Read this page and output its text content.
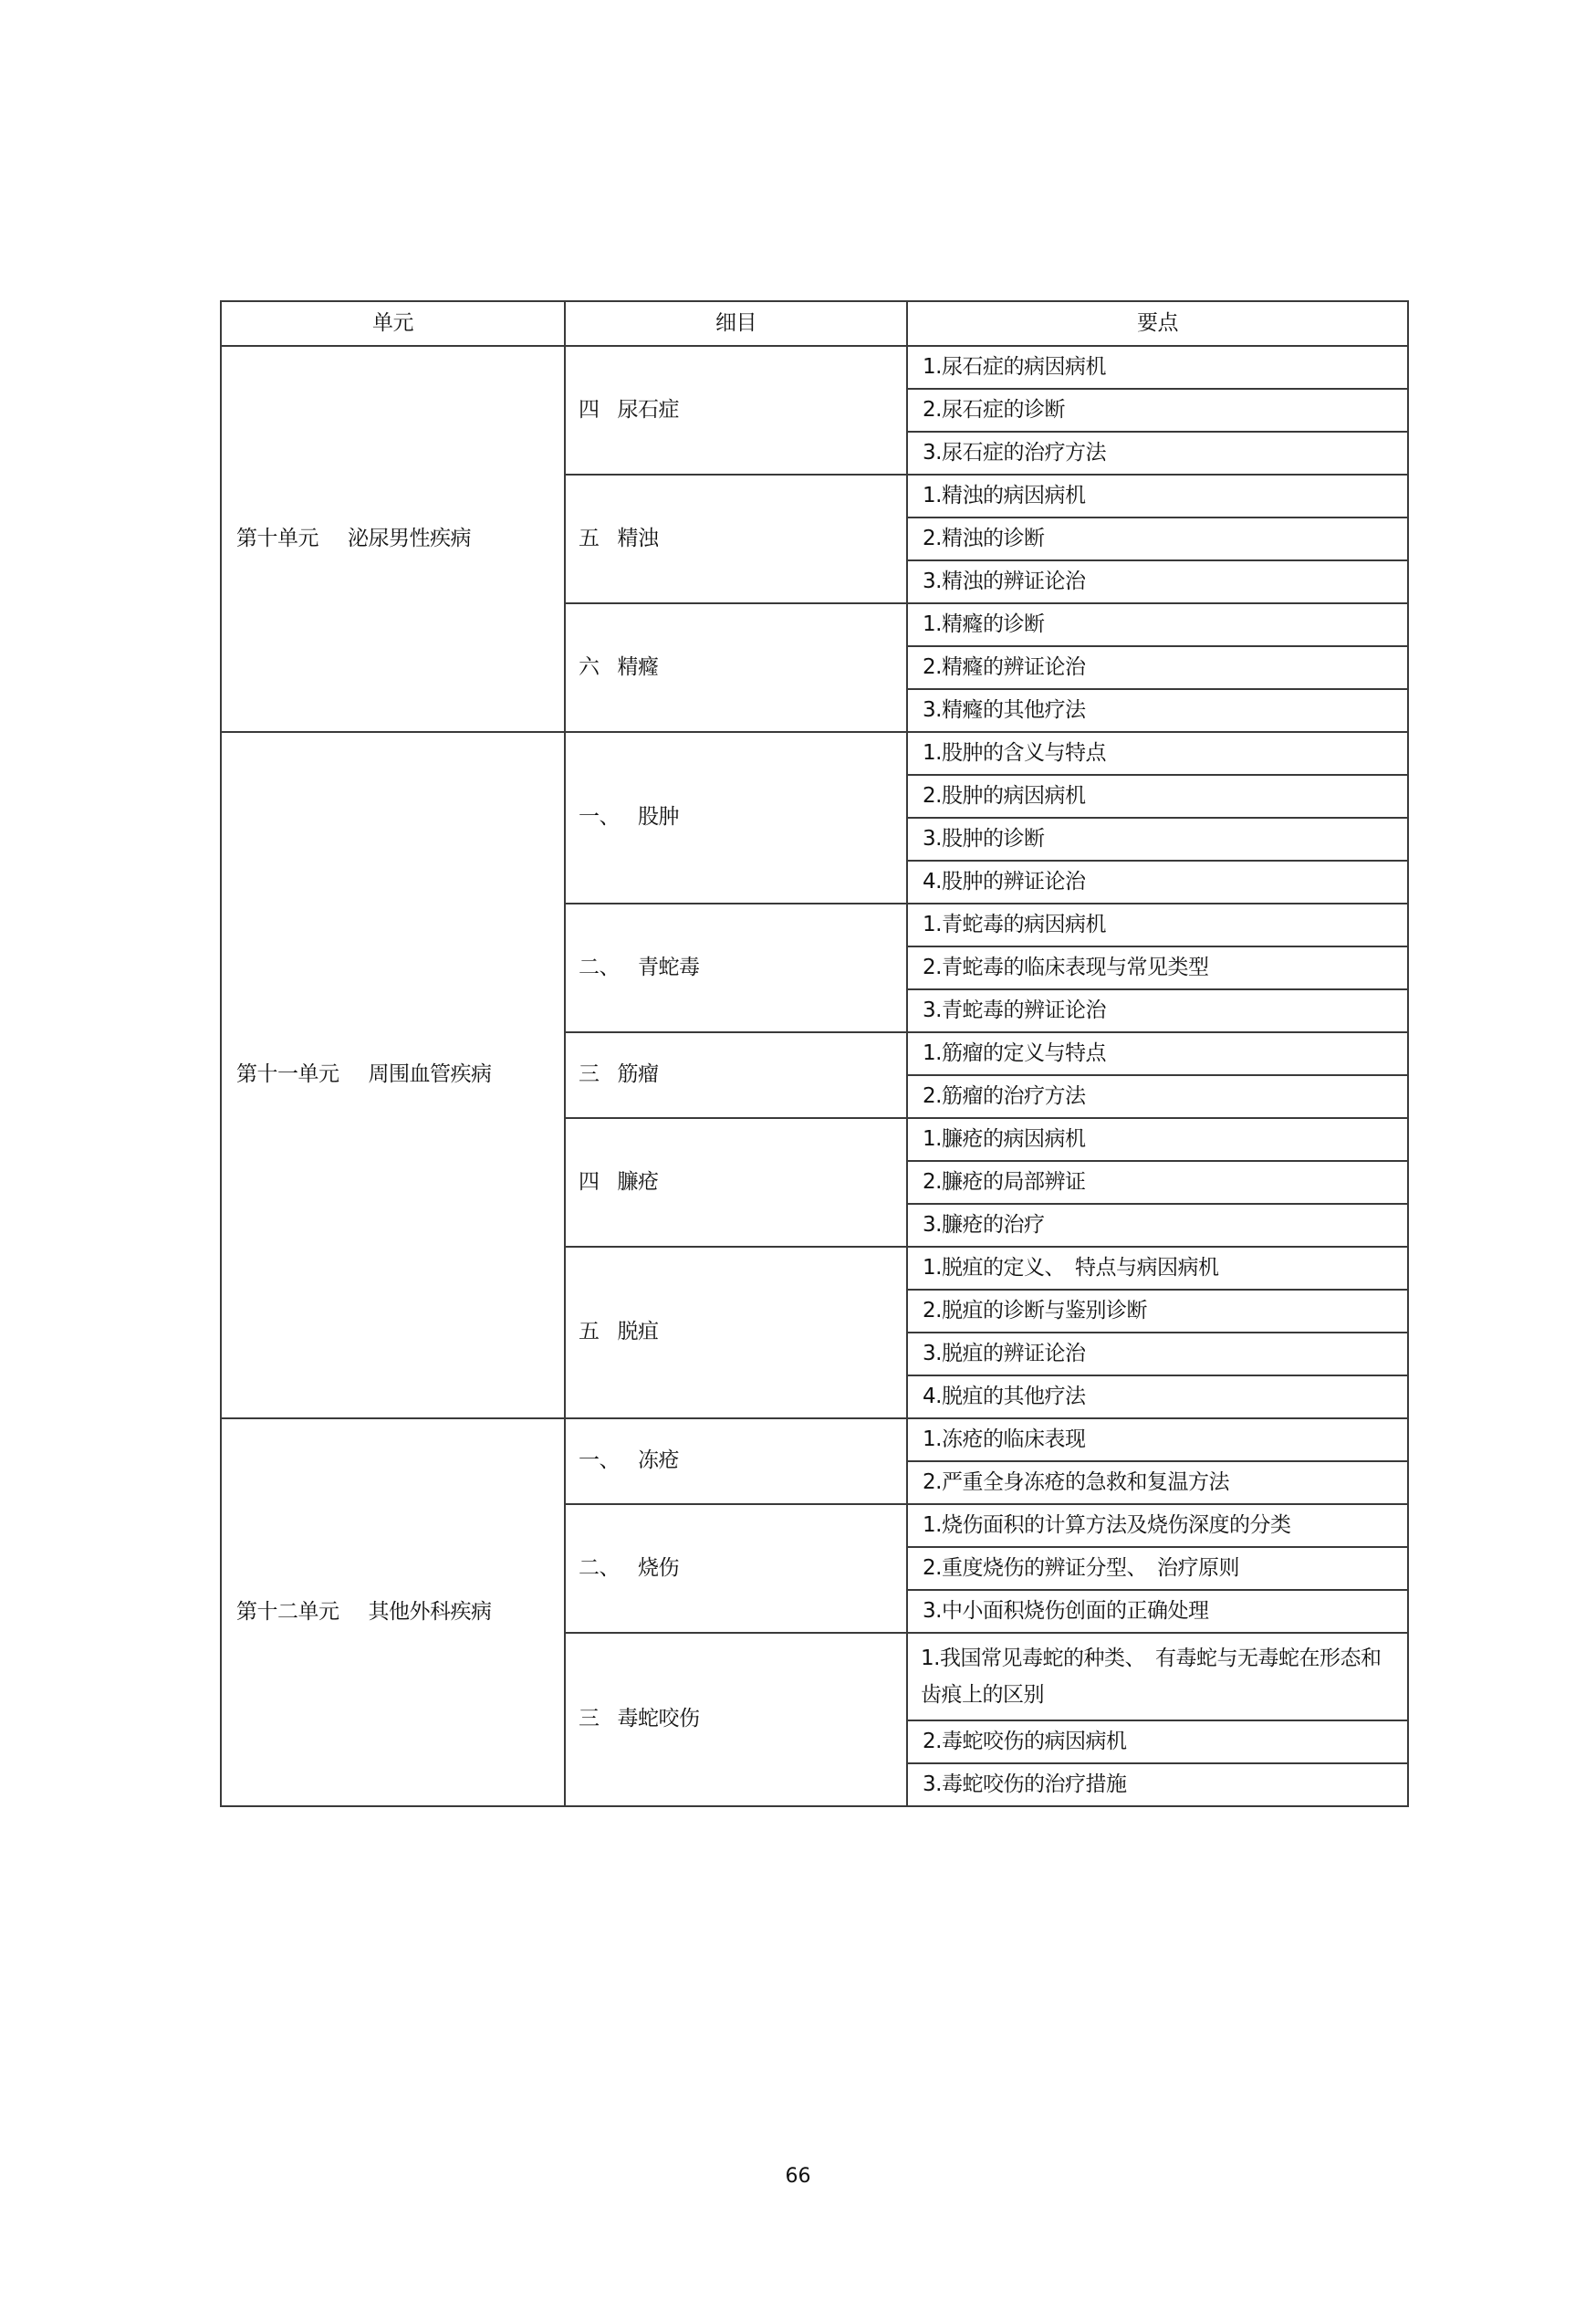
单元	细目	要点
第十单元 泌尿男性疾病	四 尿石症	1.尿石症的病因病机
		2.尿石症的诊断
		3.尿石症的治疗方法
	五 精浊	1.精浊的病因病机
		2.精浊的诊断
		3.精浊的辨证论治
	六 精癃	1.精癃的诊断
		2.精癃的辨证论治
		3.精癃的其他疗法
第十一单元 周围血管疾病	一、 股肿	1.股肿的含义与特点
		2.股肿的病因病机
		3.股肿的诊断
		4.股肿的辨证论治
	二、 青蛇毒	1.青蛇毒的病因病机
		2.青蛇毒的临床表现与常见类型
		3.青蛇毒的辨证论治
	三 筋瘤	1.筋瘤的定义与特点
		2.筋瘤的治疗方法
	四 臁疮	1.臁疮的病因病机
		2.臁疮的局部辨证
		3.臁疮的治疗
	五 脱疽	1.脱疽的定义、　特点与病因病机
		2.脱疽的诊断与鉴别诊断
		3.脱疽的辨证论治
		4.脱疽的其他疗法
第十二单元 其他外科疾病	一、 冻疮	1.冻疮的临床表现
		2.严重全身冻疮的急救和复温方法
	二、 烧伤	1.烧伤面积的计算方法及烧伤深度的分类
		2.重度烧伤的辨证分型、　治疗原则
		3.中小面积烧伤创面的正确处理
	三 毒蛇咬伤	1.我国常见毒蛇的种类、　有毒蛇与无毒蛇在形态和齿痕上的区别
		2.毒蛇咬伤的病因病机
		3.毒蛇咬伤的治疗措施
66
